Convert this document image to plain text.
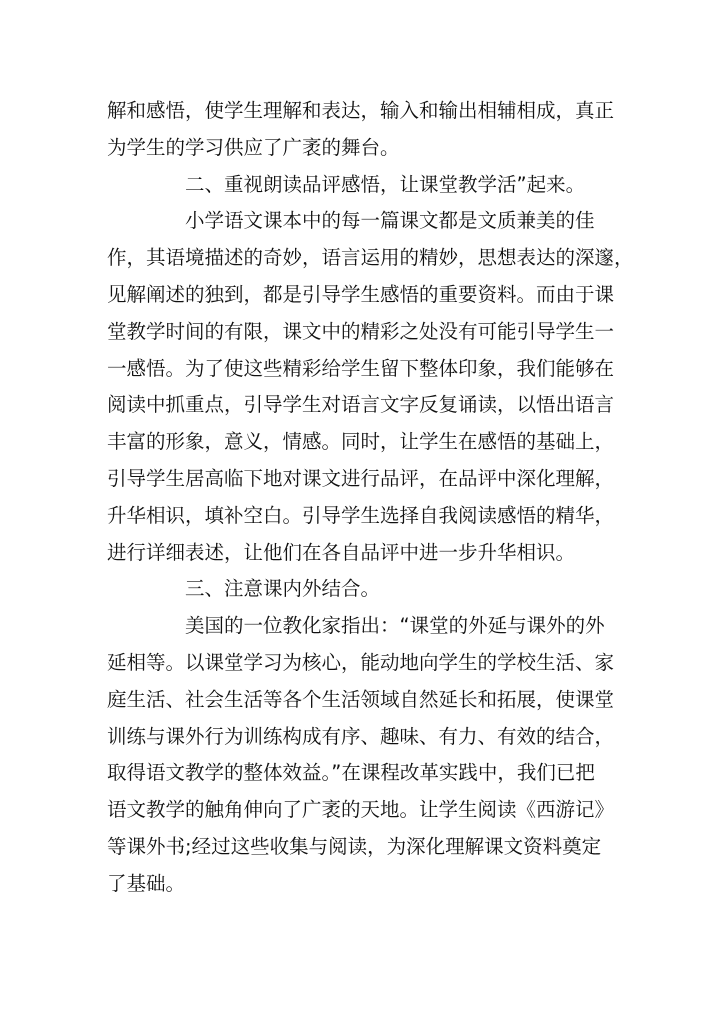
解和感悟，使学生理解和表达，输入和输出相辅相成，真正
为学生的学习供应了广袤的舞台。
二、重视朗读品评感悟，让课堂教学活”起来。
小学语文课本中的每一篇课文都是文质兼美的佳
作，其语境描述的奇妙，语言运用的精妙，思想表达的深邃，
见解阐述的独到，都是引导学生感悟的重要资料。而由于课
堂教学时间的有限，课文中的精彩之处没有可能引导学生一
一感悟。为了使这些精彩给学生留下整体印象，我们能够在
阅读中抓重点，引导学生对语言文字反复诵读，以悟出语言
丰富的形象，意义，情感。同时，让学生在感悟的基础上，
引导学生居高临下地对课文进行品评，在品评中深化理解，
升华相识，填补空白。引导学生选择自我阅读感悟的精华，
进行详细表述，让他们在各自品评中进一步升华相识。
三、注意课内外结合。
美国的一位教化家指出：“课堂的外延与课外的外
延相等。以课堂学习为核心，能动地向学生的学校生活、家
庭生活、社会生活等各个生活领域自然延长和拓展，使课堂
训练与课外行为训练构成有序、趣味、有力、有效的结合，
取得语文教学的整体效益。”在课程改革实践中，我们已把
语文教学的触角伸向了广袤的天地。让学生阅读《西游记》
等课外书;经过这些收集与阅读，为深化理解课文资料奠定
了基础。
